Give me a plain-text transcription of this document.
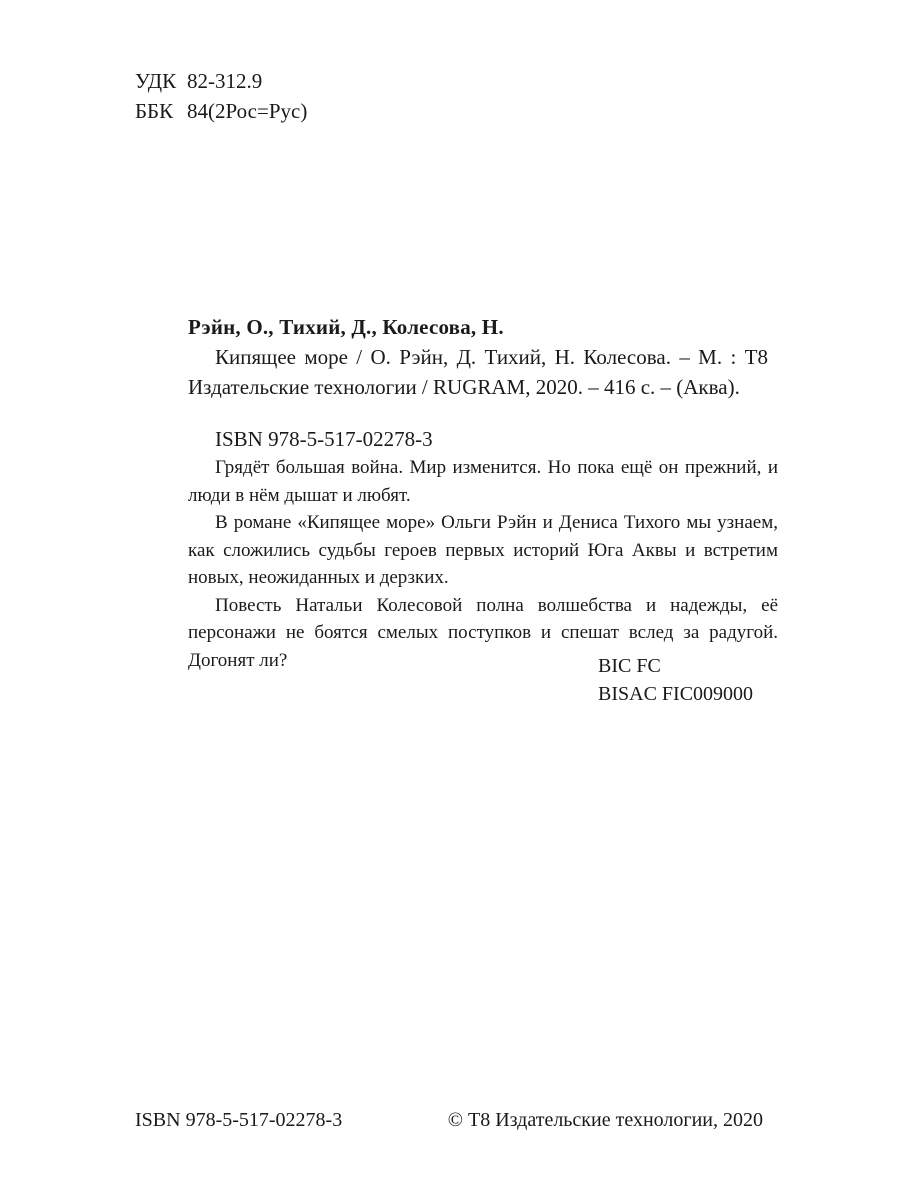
УДК 82-312.9
ББК 84(2Рос=Рус)
Рэйн, О., Тихий, Д., Колесова, Н.

Кипящее море / О. Рэйн, Д. Тихий, Н. Колесова. – М. : Т8 Издательские технологии / RUGRAM, 2020. – 416 с. – (Аква).

ISBN 978-5-517-02278-3

Грядёт большая война. Мир изменится. Но пока ещё он прежний, и люди в нём дышат и любят.

В романе «Кипящее море» Ольги Рэйн и Дениса Тихого мы узнаем, как сложились судьбы героев первых историй Юга Аквы и встретим новых, неожиданных и дерзких.

Повесть Натальи Колесовой полна волшебства и надежды, её персонажи не боятся смелых поступков и спешат вслед за радугой. Догонят ли?	BIC FC
BISAC FIC009000
ISBN 978-5-517-02278-3	© Т8 Издательские технологии, 2020
